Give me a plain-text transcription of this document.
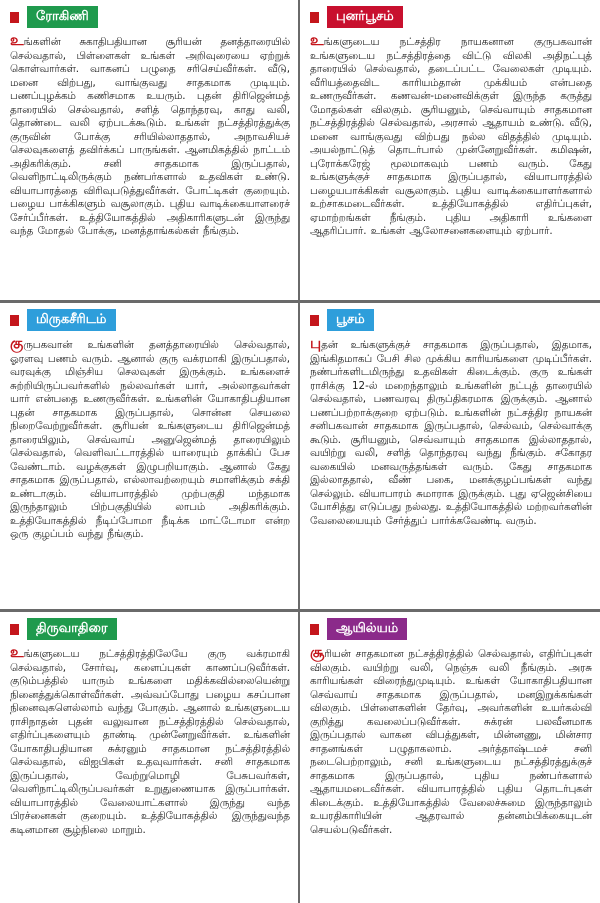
ரோகிணி
உங்களின் சுகாதிபதியான சூரியன் தனத்தாரையில் செல்வதால், பிள்ளைகள் உங்கள் அறிவுரையை ஏற்றுக் கொள்வார்கள். வாகனப் பழுதை சரிசெய்வீர்கள். வீடு, மனை விற்பது, வாங்குவது சாதகமாக முடியும். பணப்புழக்கம் கணிசமாக உயரும். புதன் திரிஜென்மத் தாரையில் செல்வதால், சளித் தொந்தரவு, காது வலி, தொண்டை வலி ஏற்படக்கூடும். உங்கள் நட்சத்திரத்துக்கு குருவின் போக்கு சரியில்லாததால், அநாவசியச் செலவுகளைத் தவிர்க்கப் பாருங்கள். ஆனமிகத்தில் நாட்டம் அதிகரிக்கும். சனி சாதகமாக இருப்பதால், வெளிநாட்டிலிருக்கும் நண்பர்களால் உதவிகள் உண்டு. வியாபாரத்தை விரிவுபடுத்துவீர்கள். போட்டிகள் குறையும். பழைய பாக்கிகளும் வசூலாகும். புதிய வாடிக்கையாளரைச் சேர்ப்பீர்கள். உத்தியோகத்தில் அதிகாரிகளுடன் இருந்து வந்த மோதல் போக்கு, மனத்தாங்கல்கள் நீங்கும்.
புனர்பூசம்
உங்களுடைய நட்சத்திர நாயகனான குருபகவான் உங்களுடைய நட்சத்திரத்தை விட்டு விலகி அதிநட்புத் தாரையில் செல்வதால், தடைப்பட்ட வேலைகள் முடியும். வீரியத்தைவிட காரியம்தான் முக்கியம் என்பதை உணருவீர்கள். கணவன்-மனைவிக்குள் இருந்த கருத்து மோதல்கள் விலகும். சூரியனும், செவ்வாயும் சாதகமான நட்சத்திரத்தில் செல்வதால், அரசால் ஆதாயம் உண்டு. வீடு, மனை வாங்குவது விற்பது நல்ல விதத்தில் முடியும். அயல்நாட்டுத் தொடர்பால் முன்னேறுவீர்கள். கமிஷன், புரோக்கரேஜ் மூலமாகவும் பணம் வரும். கேது உங்களுக்குச் சாதகமாக இருப்பதால், வியாபாரத்தில் பழையபாக்கிகள் வசூலாகும். புதிய வாடிக்கையாளர்களால் உற்சாகமடைவீர்கள். உத்தியோகத்தில் எதிர்ப்புகள், ஏமாற்றங்கள் நீங்கும். புதிய அதிகாரி உங்களை ஆதரிப்பார். உங்கள் ஆலோசனைகளையும் ஏற்பார்.
மிருகசீரிடம்
குருபகவான் உங்களின் தனத்தாரையில் செல்வதால், ஓரளவு பணம் வரும். ஆனால் குரு வக்ரமாகி இருப்பதால், வரவுக்கு மிஞ்சிய செலவுகள் இருக்கும். உங்களைச் சுற்றியிருப்பவர்களில் நல்லவர்கள் யார், அல்லாதவர்கள் யார் என்பதை உணருவீர்கள். உங்களின் யோகாதிபதியான புதன் சாதகமாக இருப்பதால், சொன்ன செயலை நிறைவேற்றுவீர்கள். சூரியன் உங்களுடைய திரிஜென்மத் தாரையிலும், செவ்வாய் அனுஜென்மத் தாரையிலும் செல்வதால், வெளிவட்டாரத்தில் யாரையும் தாக்கிப் பேச வேண்டாம். வழக்குகள் இழுபறியாகும். ஆனால் கேது சாதகமாக இருப்பதால், எல்லாவற்றையும் சமாளிக்கும் சக்தி உண்டாகும். வியாபாரத்தில் முற்பகுதி மந்தமாக இருந்தாலும் பிற்பகுதியில் லாபம் அதிகரிக்கும். உத்தியோகத்தில் நீடிப்போமா நீடிக்க மாட்டோமா என்ற ஒரு குழப்பம் வந்து நீங்கும்.
பூசம்
புதன் உங்களுக்குச் சாதகமாக இருப்பதால், இதமாக, இங்கிதமாகப் பேசி சில முக்கிய காரியங்களை முடிப்பீர்கள். நண்பர்களிடமிருந்து உதவிகள் கிடைக்கும். குரு உங்கள் ராசிக்கு 12-ல் மறைந்தாலும் உங்களின் நட்புத் தாரையில் செல்வதால், பணவரவு திருப்திகரமாக இருக்கும். ஆனால் பணப்பற்றாக்குறை ஏற்படும். உங்களின் நட்சத்திர நாயகன் சனிபகவான் சாதகமாக இருப்பதால், செல்வம், செல்வாக்கு கூடும். சூரியனும், செவ்வாயும் சாதகமாக இல்லாததால், வயிற்று வலி, சளித் தொந்தரவு வந்து நீங்கும். சகோதர வகையில் மனவருத்தங்கள் வரும். கேது சாதகமாக இல்லாததால், வீண் பகை, மனக்குழப்பங்கள் வந்து செல்லும். வியாபாரம் சுமாராக இருக்கும். புது ஏஜென்சியை யோசித்து எடுப்பது நல்லது. உத்தியோகத்தில் மற்றவர்களின் வேலையையும் சேர்த்துப் பார்க்கவேண்டி வரும்.
திருவாதிரை
உங்களுடைய நட்சத்திரத்திலேயே குரு வக்ரமாகி செல்வதால், சோர்வு, களைப்புகள் காணப்படுவீர்கள். குடும்பத்தில் யாரும் உங்களை மதிக்கவில்லையென்று நினைத்துக்கொள்வீர்கள். அவ்வப்போது பழைய கசப்பான நினைவுகளெல்லாம் வந்து போகும். ஆனால் உங்களுடைய ராசிநாதன் புதன் வலுவான நட்சத்திரத்தில் செல்வதால், எதிர்ப்புகளையும் தாண்டி முன்னேறுவீர்கள். உங்களின் யோகாதிபதியான சுக்ரனும் சாதகமான நட்சத்திரத்தில் செல்வதால், விஐபிகள் உதவுவார்கள். சனி சாதகமாக இருப்பதால், வேற்றுமொழி பேசுபவர்கள், வெளிநாட்டிலிருப்பவர்கள் உறுதுணையாக இருப்பார்கள். வியாபாரத்தில் வேலையாட்களால் இருந்து வந்த பிரச்னைகள் குறையும். உத்தியோகத்தில் இருந்துவந்த கடினமான சூழ்நிலை மாறும்.
ஆயில்யம்
சூரியன் சாதகமான நட்சத்திரத்தில் செல்வதால், எதிர்ப்புகள் விலகும். வயிற்று வலி, நெஞ்சு வலி நீங்கும். அரசு காரியங்கள் விரைந்துமுடியும். உங்கள் யோகாதிபதியான செவ்வாய் சாதகமாக இருப்பதால், மனஇறுக்கங்கள் விலகும். பிள்ளைகளின் தேர்வு, அவர்களின் உயர்கல்வி குறித்து கவலைப்படுவீர்கள். சுக்ரன் பலவீனமாக இருப்பதால் வாகன விபத்துகள், மின்னணு, மின்சார சாதனங்கள் பழுதாகலாம். அர்த்தாஷ்டமச் சனி நடைபெற்றாலும், சனி உங்களுடைய நட்சத்திரத்துக்குச் சாதகமாக இருப்பதால், புதிய நண்பர்களால் ஆதாயமடைவீர்கள். வியாபாரத்தில் புதிய தொடர்புகள் கிடைக்கும். உத்தியோகத்தில் வேலைச்சுமை இருந்தாலும் உயரதிகாரியின் ஆதரவால் தன்னம்பிக்கையுடன் செயல்படுவீர்கள்.
